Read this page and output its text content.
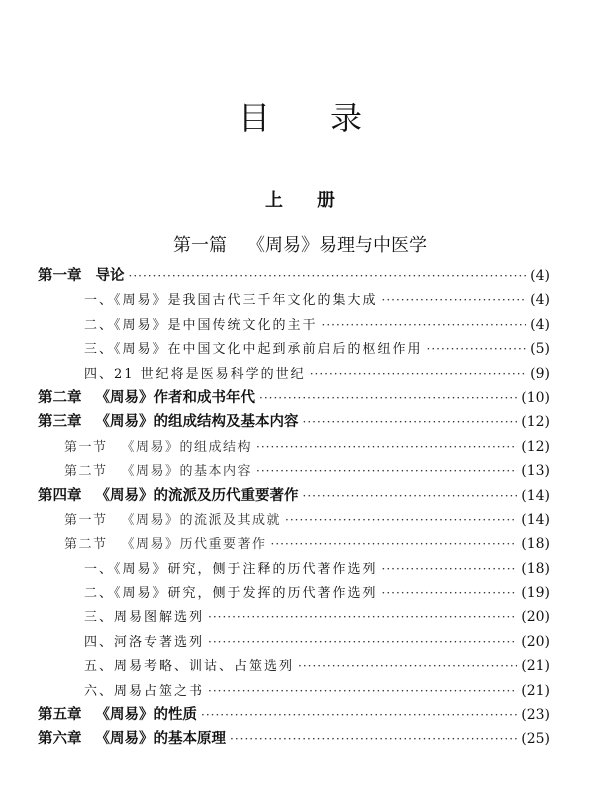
目录
上册
第一篇 《周易》易理与中医学
第一章 导论 ·····	(4)
一、《周易》是我国古代三千年文化的集大成 ·····	(4)
二、《周易》是中国传统文化的主干 ·····	(4)
三、《周易》在中国文化中起到承前启后的枢纽作用 ·····	(5)
四、21 世纪将是医易科学的世纪 ·····	(9)
第二章 《周易》作者和成书年代 ·····	(10)
第三章 《周易》的组成结构及基本内容 ·····	(12)
第一节 《周易》的组成结构 ·····	(12)
第二节 《周易》的基本内容 ·····	(13)
第四章 《周易》的流派及历代重要著作 ·····	(14)
第一节 《周易》的流派及其成就 ·····	(14)
第二节 《周易》历代重要著作 ·····	(18)
一、《周易》研究，侧于注释的历代著作选列 ·····	(18)
二、《周易》研究，侧于发挥的历代著作选列 ·····	(19)
三、周易图解选列 ·····	(20)
四、河洛专著选列 ·····	(20)
五、周易考略、训诂、占筮选列 ·····	(21)
六、周易占筮之书 ·····	(21)
第五章 《周易》的性质 ·····	(23)
第六章 《周易》的基本原理 ·····	(25)
